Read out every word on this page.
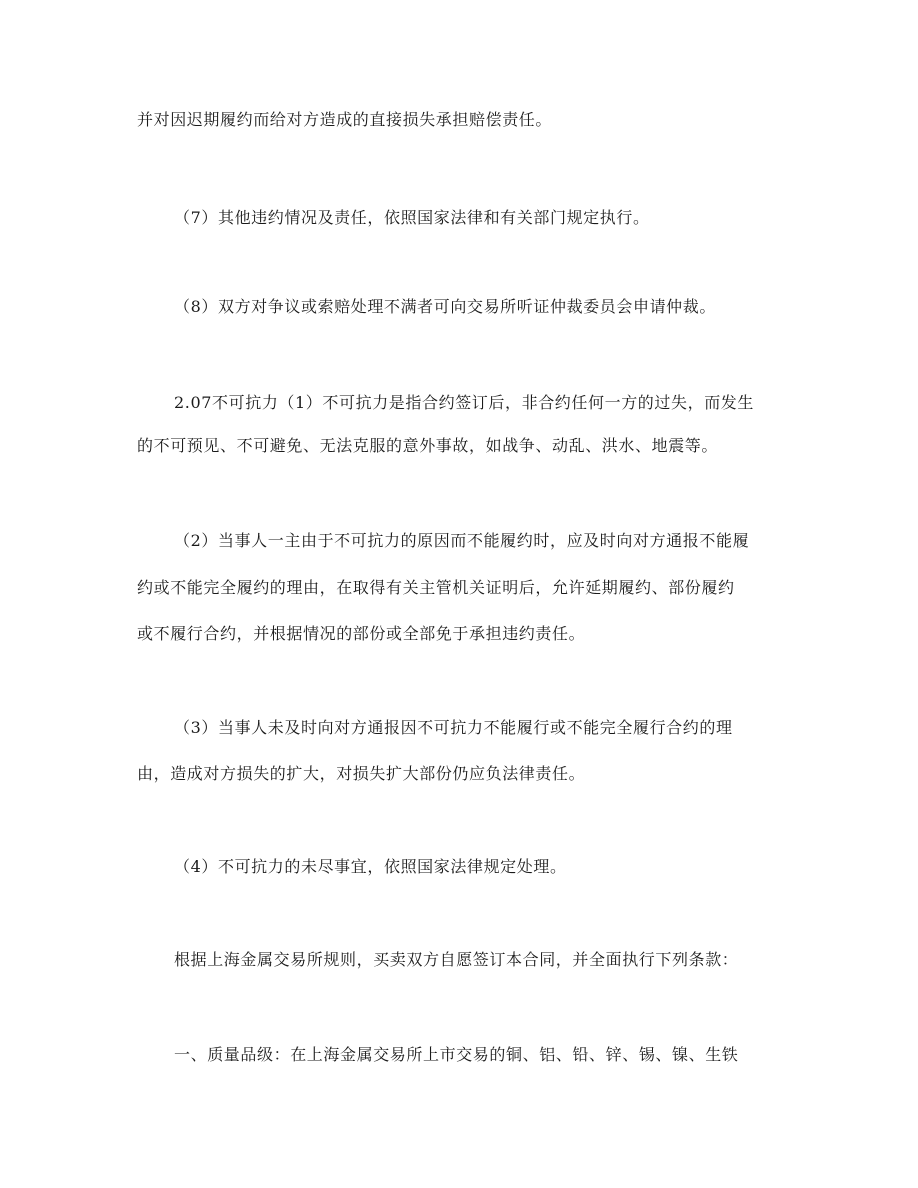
并对因迟期履约而给对方造成的直接损失承担赔偿责任。
（7）其他违约情况及责任，依照国家法律和有关部门规定执行。
（8）双方对争议或索赔处理不满者可向交易所听证仲裁委员会申请仲裁。
2.07不可抗力（1）不可抗力是指合约签订后，非合约任何一方的过失，而发生
的不可预见、不可避免、无法克服的意外事故，如战争、动乱、洪水、地震等。
（2）当事人一主由于不可抗力的原因而不能履约时，应及时向对方通报不能履
约或不能完全履约的理由，在取得有关主管机关证明后，允许延期履约、部份履约
或不履行合约，并根据情况的部份或全部免于承担违约责任。
（3）当事人未及时向对方通报因不可抗力不能履行或不能完全履行合约的理
由，造成对方损失的扩大，对损失扩大部份仍应负法律责任。
（4）不可抗力的未尽事宜，依照国家法律规定处理。
根据上海金属交易所规则，买卖双方自愿签订本合同，并全面执行下列条款：
一、质量品级：在上海金属交易所上市交易的铜、铝、铅、锌、锡、镍、生铁
